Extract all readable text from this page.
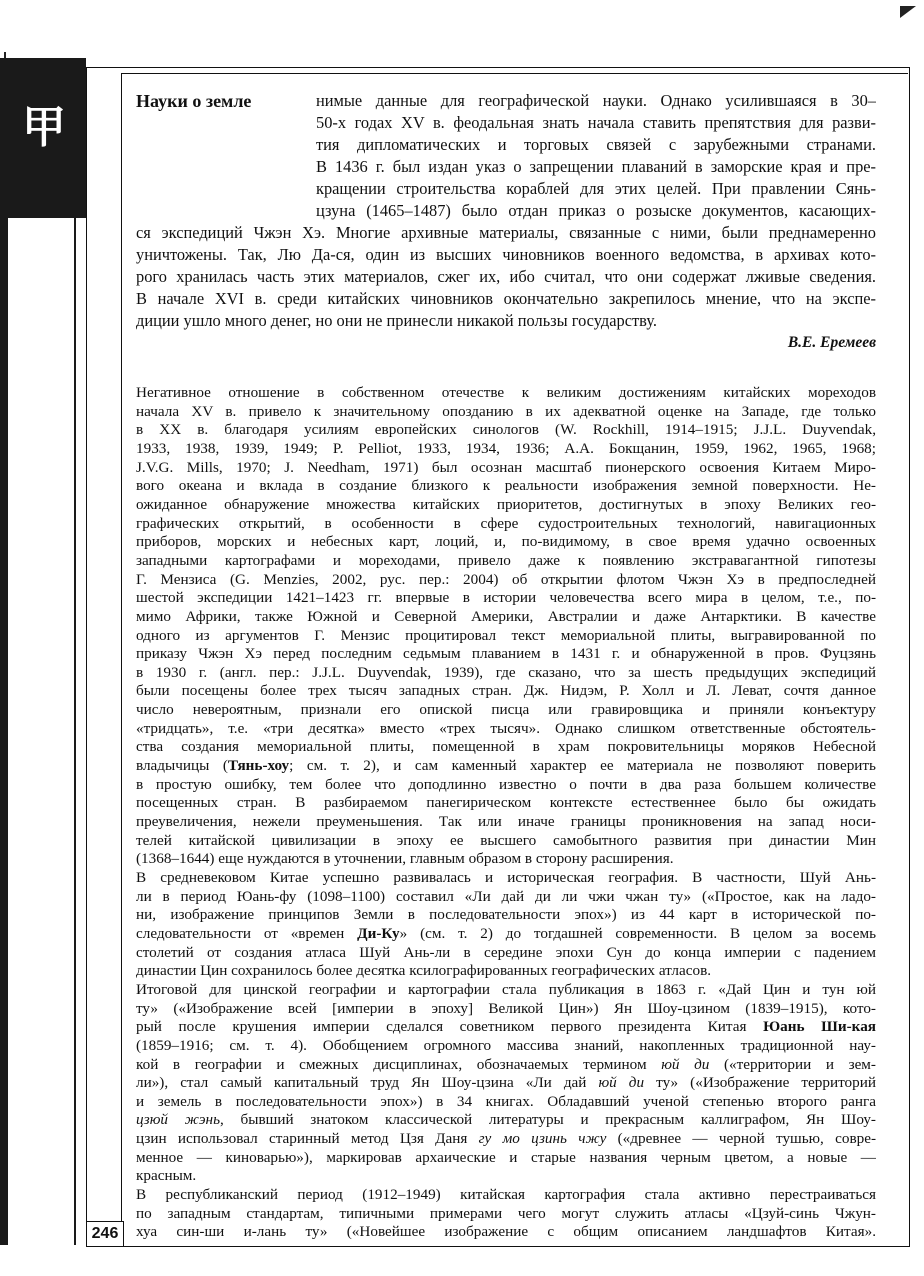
甲
246
Науки о земле	нимые данные для географической науки. Однако усилившаяся в 30–
50-х годах XV в. феодальная знать начала ставить препятствия для разви-
тия дипломатических и торговых связей с зарубежными странами.
В 1436 г. был издан указ о запрещении плаваний в заморские края и пре-
кращении строительства кораблей для этих целей. При правлении Сянь-
цзуна (1465–1487) было отдан приказ о розыске документов, касающих-
ся экспедиций Чжэн Хэ. Многие архивные материалы, связанные с ними, были преднамеренно
уничтожены. Так, Лю Да-ся, один из высших чиновников военного ведомства, в архивах кото-
рого хранилась часть этих материалов, сжег их, ибо считал, что они содержат лживые сведения.
В начале XVI в. среди китайских чиновников окончательно закрепилось мнение, что на экспе-
диции ушло много денег, но они не принесли никакой пользы государству.
В.Е. Еремеев
Негативное отношение в собственном отечестве к великим достижениям китайских мореходов
начала XV в. привело к значительному опозданию в их адекватной оценке на Западе, где только
в XX в. благодаря усилиям европейских синологов (W. Rockhill, 1914–1915; J.J.L. Duyvendak,
1933, 1938, 1939, 1949; P. Pelliot, 1933, 1934, 1936; А.А. Бокщанин, 1959, 1962, 1965, 1968;
J.V.G. Mills, 1970; J. Needham, 1971) был осознан масштаб пионерского освоения Китаем Миро-
вого океана и вклада в создание близкого к реальности изображения земной поверхности. Не-
ожиданное обнаружение множества китайских приоритетов, достигнутых в эпоху Великих гео-
графических открытий, в особенности в сфере судостроительных технологий, навигационных
приборов, морских и небесных карт, лоций, и, по-видимому, в свое время удачно освоенных
западными картографами и мореходами, привело даже к появлению экстравагантной гипотезы
Г. Мензиса (G. Menzies, 2002, рус. пер.: 2004) об открытии флотом Чжэн Хэ в предпоследней
шестой экспедиции 1421–1423 гг. впервые в истории человечества всего мира в целом, т.е., по-
мимо Африки, также Южной и Северной Америки, Австралии и даже Антарктики. В качестве
одного из аргументов Г. Мензис процитировал текст мемориальной плиты, выгравированной по
приказу Чжэн Хэ перед последним седьмым плаванием в 1431 г. и обнаруженной в пров. Фуцзянь
в 1930 г. (англ. пер.: J.J.L. Duyvendak, 1939), где сказано, что за шесть предыдущих экспедиций
были посещены более трех тысяч западных стран. Дж. Нидэм, Р. Холл и Л. Леват, сочтя данное
число невероятным, признали его опиской писца или гравировщика и приняли конъектуру
«тридцать», т.е. «три десятка» вместо «трех тысяч». Однако слишком ответственные обстоятель-
ства создания мемориальной плиты, помещенной в храм покровительницы моряков Небесной
владычицы (Тянь-хоу; см. т. 2), и сам каменный характер ее материала не позволяют поверить
в простую ошибку, тем более что доподлинно известно о почти в два раза большем количестве
посещенных стран. В разбираемом панегирическом контексте естественнее было бы ожидать
преувеличения, нежели преуменьшения. Так или иначе границы проникновения на запад носи-
телей китайской цивилизации в эпоху ее высшего самобытного развития при династии Мин
(1368–1644) еще нуждаются в уточнении, главным образом в сторону расширения.
В средневековом Китае успешно развивалась и историческая география. В частности, Шуй Ань-
ли в период Юань-фу (1098–1100) составил «Ли дай ди ли чжи чжан ту» («Простое, как на ладо-
ни, изображение принципов Земли в последовательности эпох») из 44 карт в исторической по-
следовательности от «времен Ди-Ку» (см. т. 2) до тогдашней современности. В целом за восемь
столетий от создания атласа Шуй Ань-ли в середине эпохи Сун до конца империи с падением
династии Цин сохранилось более десятка ксилографированных географических атласов.
Итоговой для цинской географии и картографии стала публикация в 1863 г. «Дай Цин и тун юй
ту» («Изображение всей [империи в эпоху] Великой Цин») Ян Шоу-цзином (1839–1915), кото-
рый после крушения империи сделался советником первого президента Китая Юань Ши-кая
(1859–1916; см. т. 4). Обобщением огромного массива знаний, накопленных традиционной нау-
кой в географии и смежных дисциплинах, обозначаемых термином юй ди («территории и зем-
ли»), стал самый капитальный труд Ян Шоу-цзина «Ли дай юй ди ту» («Изображение территорий
и земель в последовательности эпох») в 34 книгах. Обладавший ученой степенью второго ранга
цзюй жэнь, бывший знатоком классической литературы и прекрасным каллиграфом, Ян Шоу-
цзин использовал старинный метод Цзя Даня гу мо цзинь чжу («древнее — черной тушью, совре-
менное — киноварью»), маркировав архаические и старые названия черным цветом, а новые —
красным.
В республиканский период (1912–1949) китайская картография стала активно перестраиваться
по западным стандартам, типичными примерами чего могут служить атласы «Цзуй-синь Чжун-
хуа син-ши и-лань ту» («Новейшее изображение с общим описанием ландшафтов Китая».
